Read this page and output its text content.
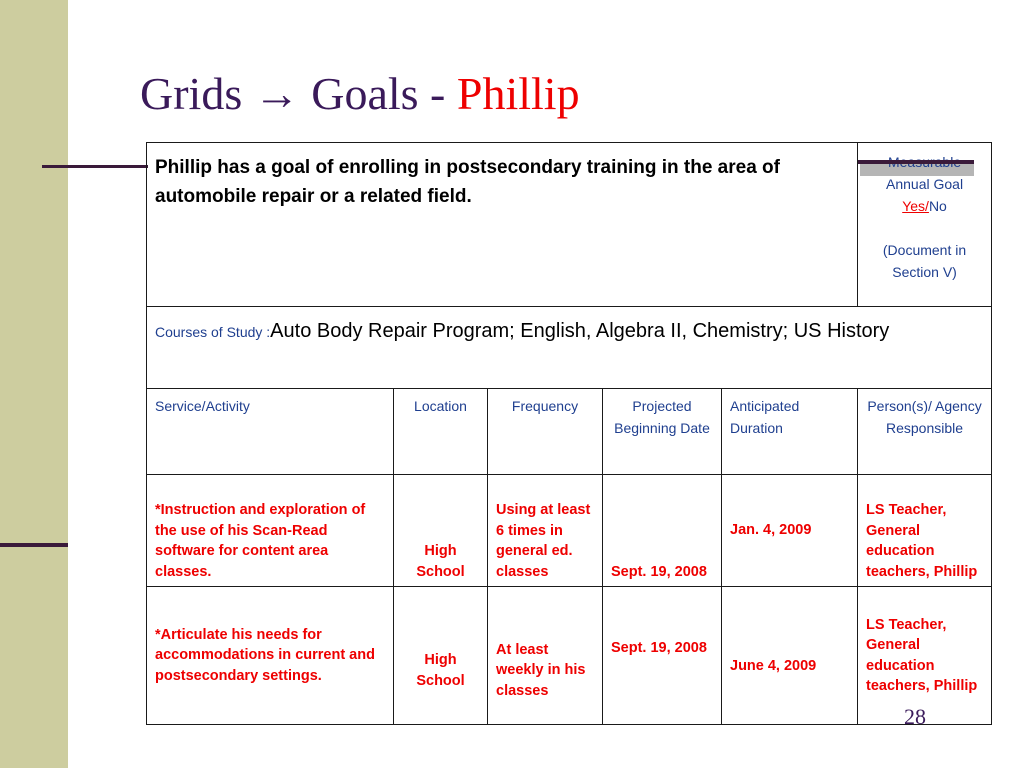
Grids → Goals - Phillip
Phillip has a goal of enrolling in postsecondary training in the area of automobile repair or a related field.					Annual Goal
Yes/No
(Document in
Section V)

Courses of Study :Auto Body Repair Program; English, Algebra II, Chemistry; US History					
Service/Activity	Location	Frequency	Projected Beginning Date	Anticipated Duration	Person(s)/ Agency Responsible
*Instruction and exploration of the use of his Scan-Read software for content area classes.	High School	Using at least 6 times in general ed. classes	Sept. 19, 2008	Jan. 4, 2009	LS Teacher, General education teachers, Phillip
*Articulate his needs for accommodations in current and postsecondary settings.	High School	At least weekly in his classes	Sept. 19, 2008	June 4, 2009	LS Teacher, General education teachers, Phillip
28
